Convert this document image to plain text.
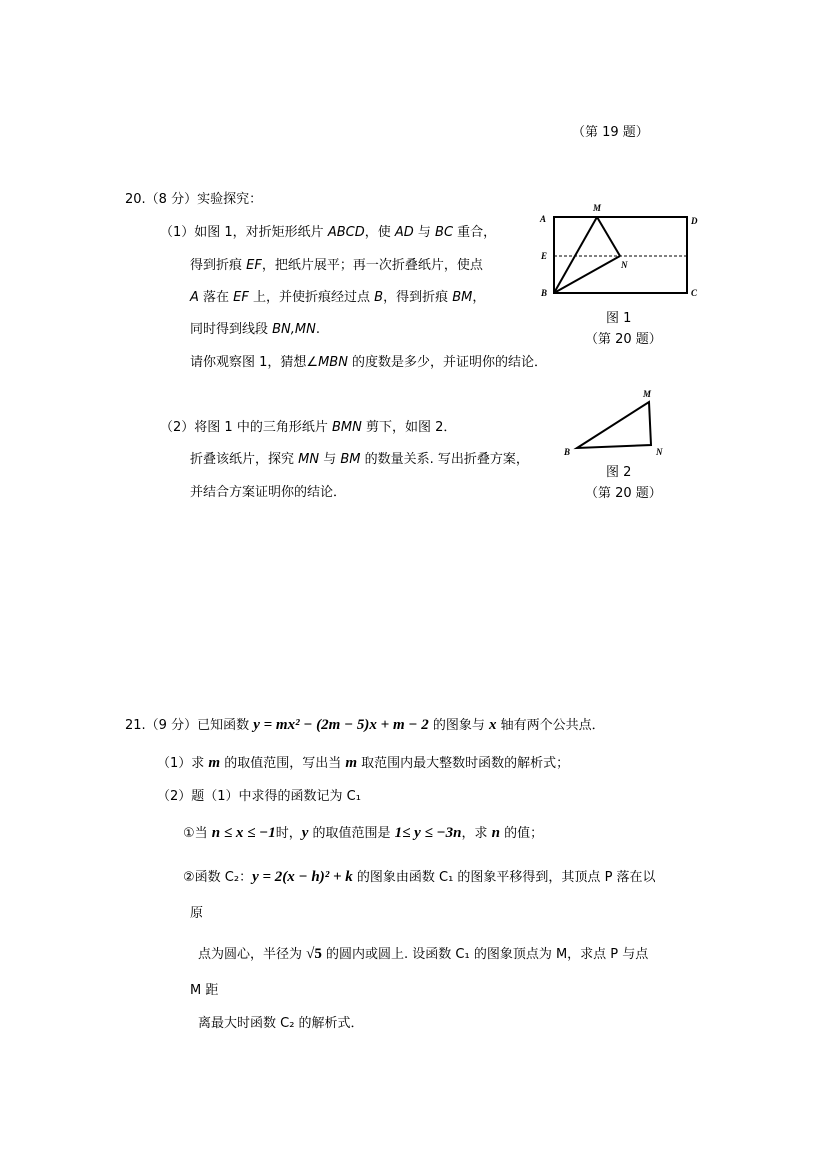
（第 19 题）
20.（8 分）实验探究：
（1）如图 1，对折矩形纸片 ABCD，使 AD 与 BC 重合，
得到折痕 EF，把纸片展平；再一次折叠纸片，使点
A 落在 EF 上，并使折痕经过点 B，得到折痕 BM，
同时得到线段 BN,MN.
请你观察图 1，猜想∠MBN 的度数是多少，并证明你的结论．
A
M
D
E
N
B	C
图 1
（第 20 题）
（2）将图 1 中的三角形纸片 BMN 剪下，如图 2．
折叠该纸片，探究 MN 与 BM 的数量关系. 写出折叠方案，
并结合方案证明你的结论．
M
B	N
图 2
（第 20 题）
21.（9 分）已知函数 y = mx² − (2m − 5)x + m − 2 的图象与 x 轴有两个公共点．
（1）求 m 的取值范围，写出当 m 取范围内最大整数时函数的解析式；
（2）题（1）中求得的函数记为 C₁
①当 n ≤ x ≤ −1时，y 的取值范围是 1≤ y ≤ −3n，求 n 的值；
②函数 C₂：y = 2(x − h)² + k 的图象由函数 C₁ 的图象平移得到，其顶点 P 落在以
原
点为圆心，半径为 √5 的圆内或圆上. 设函数 C₁ 的图象顶点为 M，求点 P 与点
M 距
离最大时函数 C₂ 的解析式．
